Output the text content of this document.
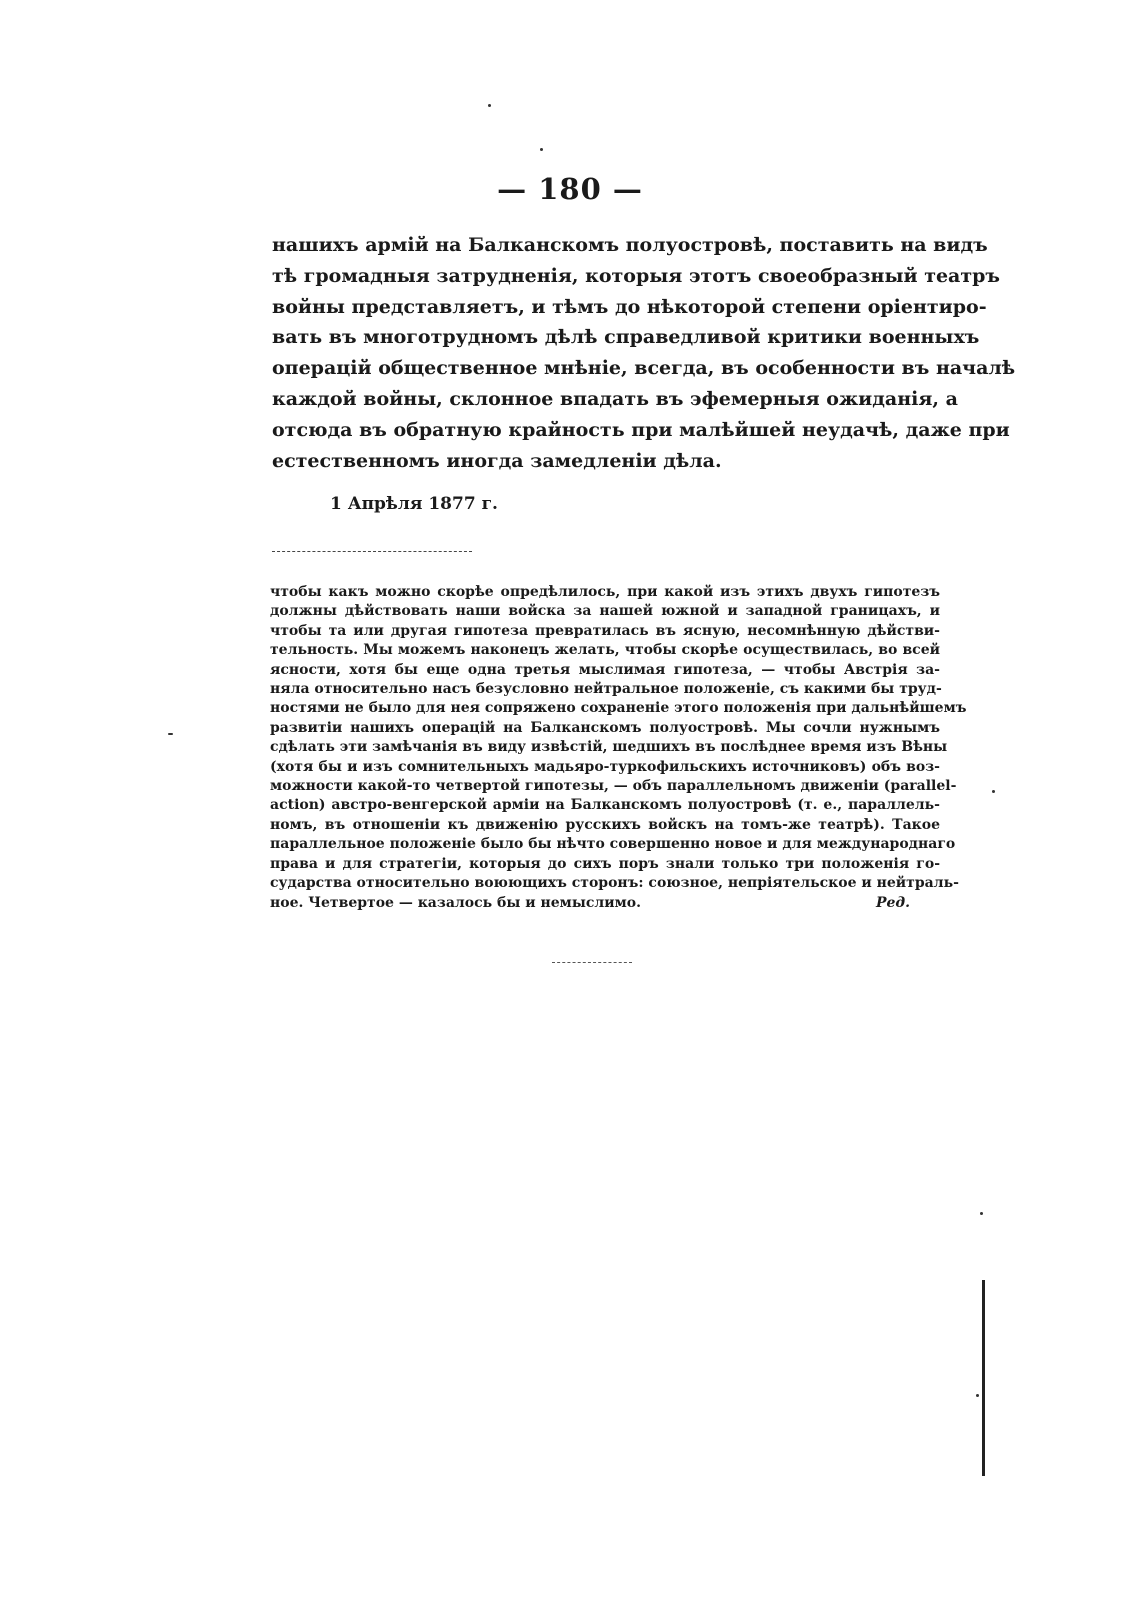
— 180 —
нашихъ армій на Балканскомъ полуостровѣ, поставить на видъ
тѣ громадныя затрудненія, которыя этотъ своеобразный театръ
войны представляетъ, и тѣмъ до нѣкоторой степени оріентиро-
вать въ многотрудномъ дѣлѣ справедливой критики военныхъ
операцій общественное мнѣніе, всегда, въ особенности въ началѣ
каждой войны, склонное впадать въ эфемерныя ожиданія, а
отсюда въ обратную крайность при малѣйшей неудачѣ, даже при
естественномъ иногда замедленіи дѣла.
1 Апрѣля 1877 г.
чтобы какъ можно скорѣе опредѣлилось, при какой изъ этихъ двухъ гипотезъ
должны дѣйствовать наши войска за нашей южной и западной границахъ, и
чтобы та или другая гипотеза превратилась въ ясную, несомнѣнную дѣйстви-
тельность. Мы можемъ наконецъ желать, чтобы скорѣе осуществилась, во всей
ясности, хотя бы еще одна третья мыслимая гипотеза, — чтобы Австрія за-
няла относительно насъ безусловно нейтральное положеніе, съ какими бы труд-
ностями не было для нея сопряжено сохраненіе этого положенія при дальнѣйшемъ
развитіи нашихъ операцій на Балканскомъ полуостровѣ. Мы сочли нужнымъ
сдѣлать эти замѣчанія въ виду извѣстій, шедшихъ въ послѣднее время изъ Вѣны
(хотя бы и изъ сомнительныхъ мадьяро-туркофильскихъ источниковъ) объ воз-
можности какой-то четвертой гипотезы, — объ параллельномъ движеніи (parallel-
action) австро-венгерской арміи на Балканскомъ полуостровѣ (т. е., параллель-
номъ, въ отношеніи къ движенію русскихъ войскъ на томъ-же театрѣ). Такое
параллельное положеніе было бы нѣчто совершенно новое и для международнаго
права и для стратегіи, которыя до сихъ поръ знали только три положенія го-
сударства относительно воюющихъ сторонъ: союзное, непріятельское и нейтраль-
ное. Четвертое — казалось бы и немыслимо.	Ред.
